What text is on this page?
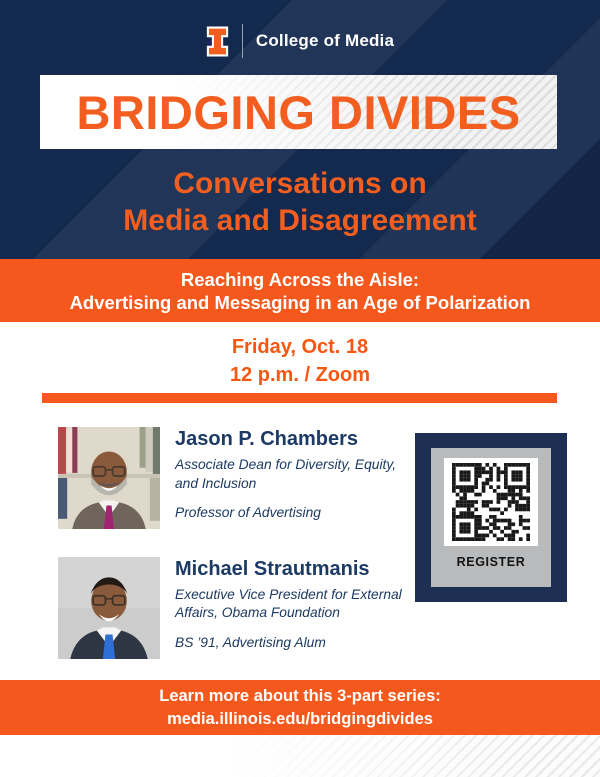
College of Media
BRIDGING DIVIDES
Conversations on
Media and Disagreement
Reaching Across the Aisle:
Advertising and Messaging in an Age of Polarization
Friday, Oct. 18
12 p.m. / Zoom
Jason P. Chambers

Associate Dean for Diversity, Equity, and Inclusion

Professor of Advertising

Michael Strautmanis

Executive Vice President for External Affairs, Obama Foundation

BS ’91, Advertising Alum

REGISTER
Learn more about this 3-part series:
media.illinois.edu/bridgingdivides
